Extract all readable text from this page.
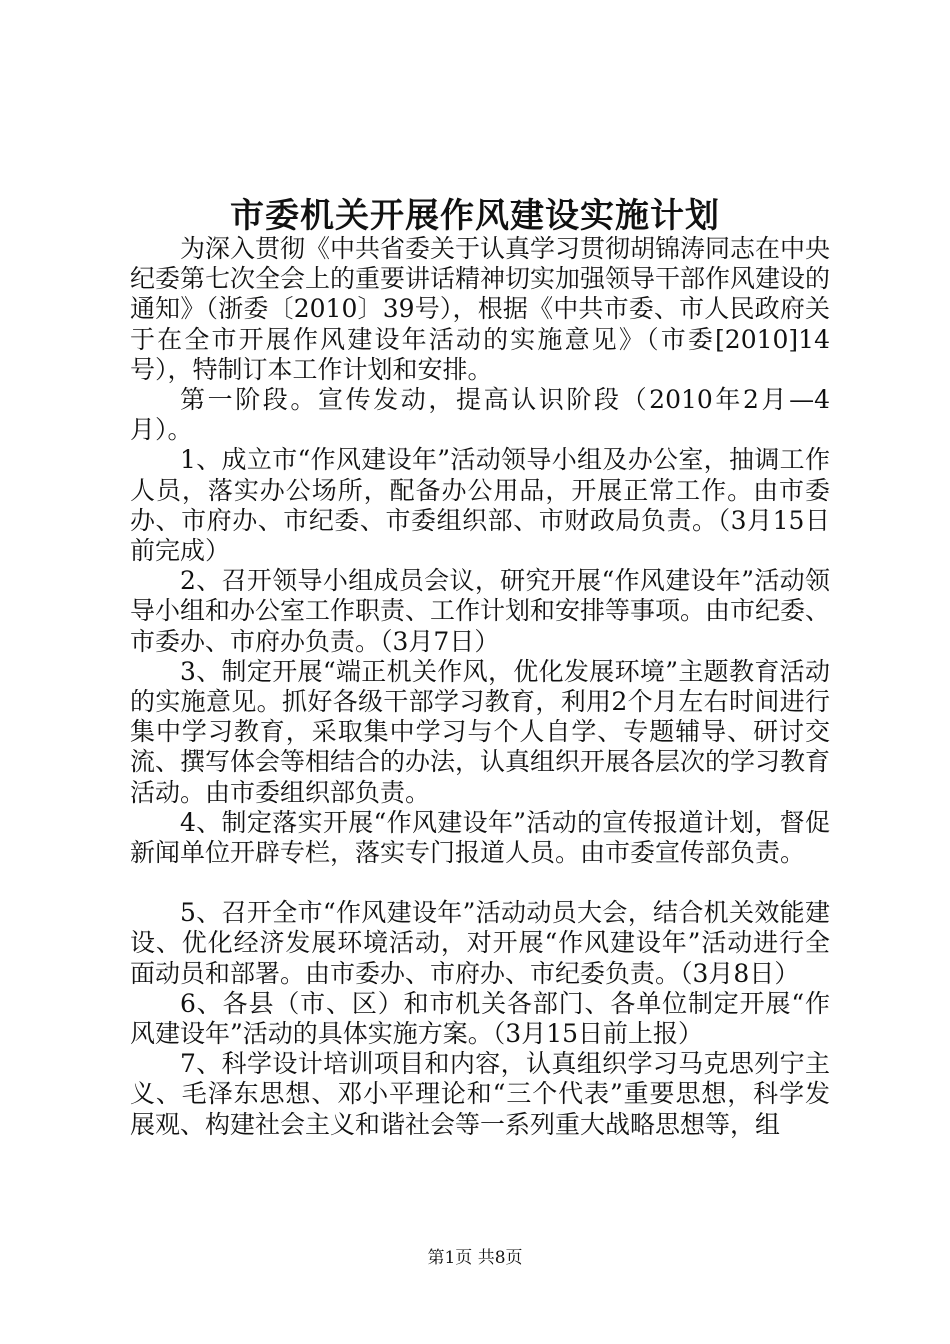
市委机关开展作风建设实施计划

为深入贯彻《中共省委关于认真学习贯彻胡锦涛同志在中央纪委第七次全会上的重要讲话精神切实加强领导干部作风建设的通知》（浙委〔2010〕39号），根据《中共市委、市人民政府关于在全市开展作风建设年活动的实施意见》（市委[2010]14号），特制订本工作计划和安排。

第一阶段。宣传发动，提高认识阶段（2010年2月—4月）。

1、成立市“作风建设年”活动领导小组及办公室，抽调工作人员，落实办公场所，配备办公用品，开展正常工作。由市委办、市府办、市纪委、市委组织部、市财政局负责。（3月15日前完成）

2、召开领导小组成员会议，研究开展“作风建设年”活动领导小组和办公室工作职责、工作计划和安排等事项。由市纪委、市委办、市府办负责。（3月7日）

3、制定开展“端正机关作风，优化发展环境”主题教育活动的实施意见。抓好各级干部学习教育，利用2个月左右时间进行集中学习教育，采取集中学习与个人自学、专题辅导、研讨交流、撰写体会等相结合的办法，认真组织开展各层次的学习教育活动。由市委组织部负责。

4、制定落实开展“作风建设年”活动的宣传报道计划，督促新闻单位开辟专栏，落实专门报道人员。由市委宣传部负责。

5、召开全市“作风建设年”活动动员大会，结合机关效能建设、优化经济发展环境活动，对开展“作风建设年”活动进行全面动员和部署。由市委办、市府办、市纪委负责。（3月8日）

6、各县（市、区）和市机关各部门、各单位制定开展“作风建设年”活动的具体实施方案。（3月15日前上报）

7、科学设计培训项目和内容，认真组织学习马克思列宁主义、毛泽东思想、邓小平理论和“三个代表”重要思想，科学发展观、构建社会主义和谐社会等一系列重大战略思想等，组

第1页 共8页
